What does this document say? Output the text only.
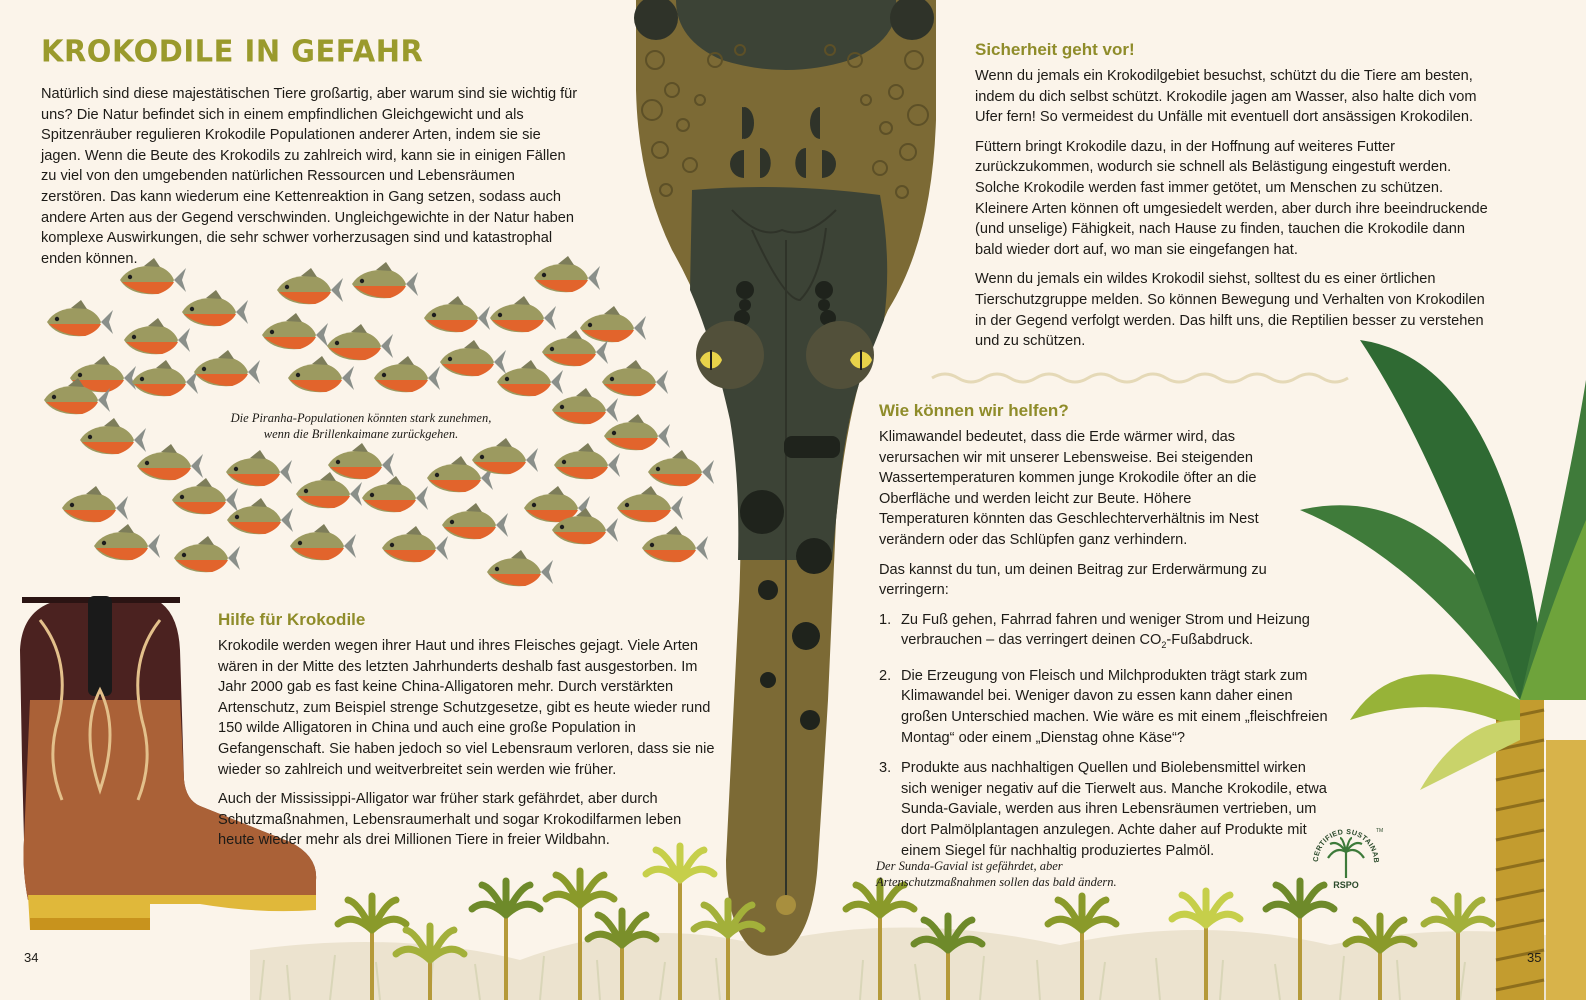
CERTIFIED SUSTAINABLE PALM OIL
RSPO
TM
KROKODILE IN GEFAHR

Natürlich sind diese majestätischen Tiere großartig, aber warum sind sie wichtig für uns? Die Natur befindet sich in einem empfindlichen Gleichgewicht und als Spitzenräuber regulieren Krokodile Populationen anderer Arten, indem sie sie jagen. Wenn die Beute des Krokodils zu zahlreich wird, kann sie in einigen Fällen zu viel von den umgebenden natürlichen Ressourcen und Lebensräumen zerstören. Das kann wiederum eine Kettenreaktion in Gang setzen, sodass auch andere Arten aus der Gegend verschwinden. Ungleichgewichte in der Natur haben komplexe Auswirkungen, die sehr schwer vorherzusagen sind und katastrophal enden können.

Die Piranha-Populationen könnten stark zunehmen, wenn die Brillenkaimane zurückgehen.
Hilfe für Krokodile

Krokodile werden wegen ihrer Haut und ihres Fleisches gejagt. Viele Arten wären in der Mitte des letzten Jahrhunderts deshalb fast ausgestorben. Im Jahr 2000 gab es fast keine China-Alligatoren mehr. Durch verstärkten Artenschutz, zum Beispiel strenge Schutzgesetze, gibt es heute wieder rund 150 wilde Alligatoren in China und auch eine große Population in Gefangenschaft. Sie haben jedoch so viel Lebensraum verloren, dass sie nie wieder so zahlreich und weitverbreitet sein werden wie früher.

Auch der Mississippi-Alligator war früher stark gefährdet, aber durch Schutzmaßnahmen, Lebensraumerhalt und sogar Krokodilfarmen leben heute wieder mehr als drei Millionen Tiere in freier Wildbahn.

Sicherheit geht vor!

Wenn du jemals ein Krokodilgebiet besuchst, schützt du die Tiere am besten, indem du dich selbst schützt. Krokodile jagen am Wasser, also halte dich vom Ufer fern! So vermeidest du Unfälle mit eventuell dort ansässigen Krokodilen.

Füttern bringt Krokodile dazu, in der Hoffnung auf weiteres Futter zurückzukommen, wodurch sie schnell als Belästigung eingestuft werden. Solche Krokodile werden fast immer getötet, um Menschen zu schützen. Kleinere Arten können oft umgesiedelt werden, aber durch ihre beeindruckende (und unselige) Fähigkeit, nach Hause zu finden, tauchen die Krokodile dann bald wieder dort auf, wo man sie eingefangen hat.

Wenn du jemals ein wildes Krokodil siehst, solltest du es einer örtlichen Tierschutzgruppe melden. So können Bewegung und Verhalten von Krokodilen in der Gegend verfolgt werden. Das hilft uns, die Reptilien besser zu verstehen und zu schützen.

Wie können wir helfen?

Klimawandel bedeutet, dass die Erde wärmer wird, das verursachen wir mit unserer Lebensweise. Bei steigenden Wassertemperaturen kommen junge Krokodile öfter an die Oberfläche und werden leicht zur Beute. Höhere Temperaturen könnten das Geschlechterverhältnis im Nest verändern oder das Schlüpfen ganz verhindern.

Das kannst du tun, um deinen Beitrag zur Erderwärmung zu verringern:

1. Zu Fuß gehen, Fahrrad fahren und weniger Strom und Heizung verbrauchen – das verringert deinen $CO_2$-Fußabdruck.
2. Die Erzeugung von Fleisch und Milchprodukten trägt stark zum Klimawandel bei. Weniger davon zu essen kann daher einen großen Unterschied machen. Wie wäre es mit einem „fleischfreien Montag“ oder einem „Dienstag ohne Käse“?
3. Produkte aus nachhaltigen Quellen und Biolebensmittel wirken sich weniger negativ auf die Tierwelt aus. Manche Krokodile, etwa Sunda-Gaviale, werden aus ihren Lebensräumen vertrieben, um dort Palmölplantagen anzulegen. Achte daher auf Produkte mit einem Siegel für nachhaltig produziertes Palmöl.
Der Sunda-Gavial ist gefährdet, aber Artenschutzmaßnahmen sollen das bald ändern.
34	35
